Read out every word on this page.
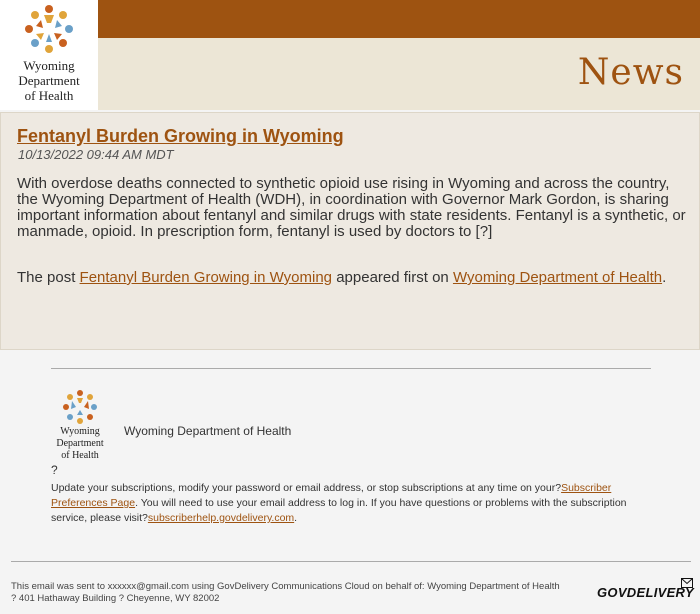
Wyoming
Department
of Health
News
Fentanyl Burden Growing in Wyoming
10/13/2022 09:44 AM MDT
With overdose deaths connected to synthetic opioid use rising in Wyoming and across the country, the Wyoming Department of Health (WDH), in coordination with Governor Mark Gordon, is sharing important information about fentanyl and similar drugs with state residents. Fentanyl is a synthetic, or manmade, opioid. In prescription form, fentanyl is used by doctors to [?]
The post Fentanyl Burden Growing in Wyoming appeared first on Wyoming Department of Health.
Wyoming
Department
of Health
Wyoming Department of Health
?
Update your subscriptions, modify your password or email address, or stop subscriptions at any time on your?Subscriber Preferences Page. You will need to use your email address to log in. If you have questions or problems with the subscription service, please visit?subscriberhelp.govdelivery.com.
This email was sent to xxxxxx@gmail.com using GovDelivery Communications Cloud on behalf of: Wyoming Department of Health
? 401 Hathaway Building ? Cheyenne, WY 82002	GOVDELIVERY
